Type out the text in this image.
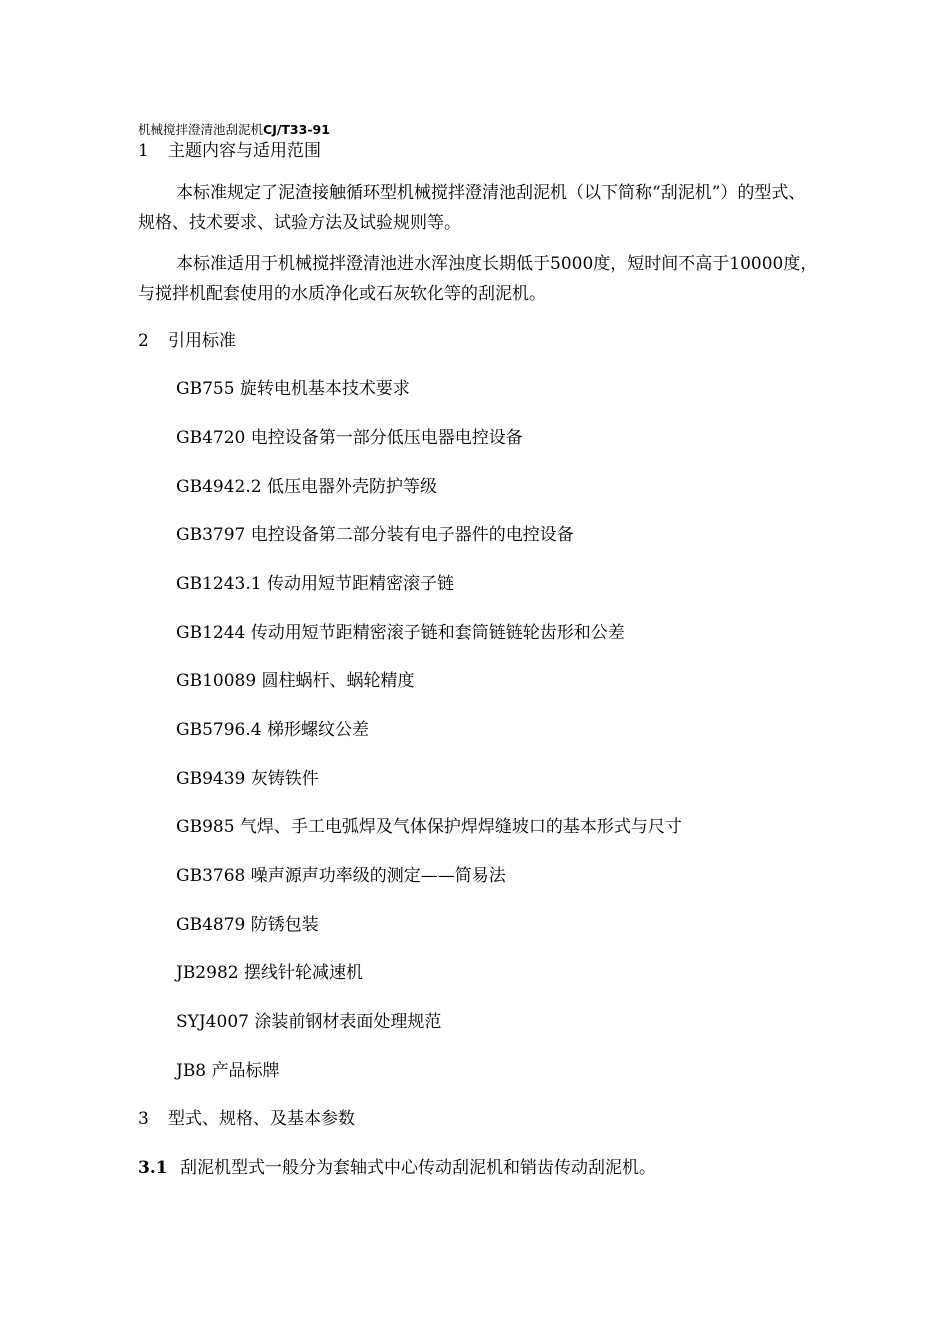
机械搅拌澄清池刮泥机CJ/T33-91
1 主题内容与适用范围
本标准规定了泥渣接触循环型机械搅拌澄清池刮泥机（以下简称“刮泥机”）的型式、规格、技术要求、试验方法及试验规则等。
本标准适用于机械搅拌澄清池进水浑浊度长期低于5000度，短时间不高于10000度，与搅拌机配套使用的水质净化或石灰软化等的刮泥机。
2 引用标准
GB755 旋转电机基本技术要求
GB4720 电控设备第一部分低压电器电控设备
GB4942.2 低压电器外壳防护等级
GB3797 电控设备第二部分装有电子器件的电控设备
GB1243.1 传动用短节距精密滚子链
GB1244 传动用短节距精密滚子链和套筒链链轮齿形和公差
GB10089 圆柱蜗杆、蜗轮精度
GB5796.4 梯形螺纹公差
GB9439 灰铸铁件
GB985 气焊、手工电弧焊及气体保护焊焊缝坡口的基本形式与尺寸
GB3768 噪声源声功率级的测定——简易法
GB4879 防锈包装
JB2982 摆线针轮减速机
SYJ4007 涂装前钢材表面处理规范
JB8 产品标牌
3 型式、规格、及基本参数
3.1 刮泥机型式一般分为套轴式中心传动刮泥机和销齿传动刮泥机。
